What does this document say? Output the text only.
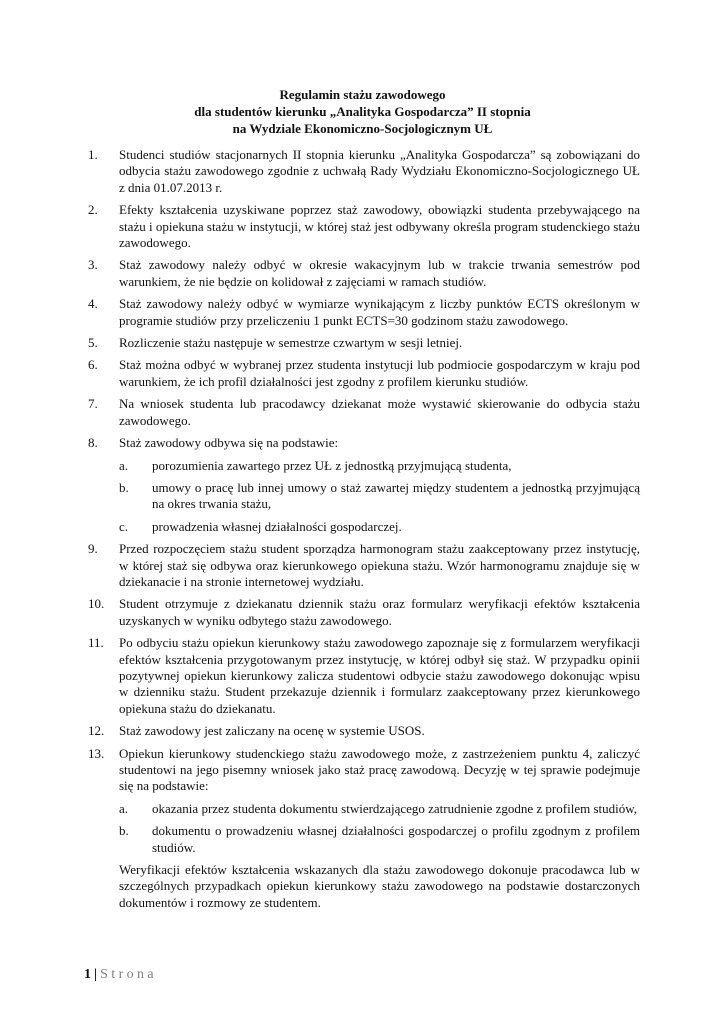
Regulamin stażu zawodowego
dla studentów kierunku „Analityka Gospodarcza” II stopnia
na Wydziale Ekonomiczno-Socjologicznym UŁ
1. Studenci studiów stacjonarnych II stopnia kierunku „Analityka Gospodarcza” są zobowiązani do odbycia stażu zawodowego zgodnie z uchwałą Rady Wydziału Ekonomiczno-Socjologicznego UŁ z dnia 01.07.2013 r.
2. Efekty kształcenia uzyskiwane poprzez staż zawodowy, obowiązki studenta przebywającego na stażu i opiekuna stażu w instytucji, w której staż jest odbywany określa program studenckiego stażu zawodowego.
3. Staż zawodowy należy odbyć w okresie wakacyjnym lub w trakcie trwania semestrów pod warunkiem, że nie będzie on kolidował z zajęciami w ramach studiów.
4. Staż zawodowy należy odbyć w wymiarze wynikającym z liczby punktów ECTS określonym w programie studiów przy przeliczeniu 1 punkt ECTS=30 godzinom stażu zawodowego.
5. Rozliczenie stażu następuje w semestrze czwartym w sesji letniej.
6. Staż można odbyć w wybranej przez studenta instytucji lub podmiocie gospodarczym w kraju pod warunkiem, że ich profil działalności jest zgodny z profilem kierunku studiów.
7. Na wniosek studenta lub pracodawcy dziekanat może wystawić skierowanie do odbycia stażu zawodowego.
8. Staż zawodowy odbywa się na podstawie:
a. porozumienia zawartego przez UŁ z jednostką przyjmującą studenta,
b. umowy o pracę lub innej umowy o staż zawartej między studentem a jednostką przyjmującą na okres trwania stażu,
c. prowadzenia własnej działalności gospodarczej.
9. Przed rozpoczęciem stażu student sporządza harmonogram stażu zaakceptowany przez instytucję, w której staż się odbywa oraz kierunkowego opiekuna stażu. Wzór harmonogramu znajduje się w dziekanacie i na stronie internetowej wydziału.
10. Student otrzymuje z dziekanatu dziennik stażu oraz formularz weryfikacji efektów kształcenia uzyskanych w wyniku odbytego stażu zawodowego.
11. Po odbyciu stażu opiekun kierunkowy stażu zawodowego zapoznaje się z formularzem weryfikacji efektów kształcenia przygotowanym przez instytucję, w której odbył się staż. W przypadku opinii pozytywnej opiekun kierunkowy zalicza studentowi odbycie stażu zawodowego dokonując wpisu w dzienniku stażu. Student przekazuje dziennik i formularz zaakceptowany przez kierunkowego opiekuna stażu do dziekanatu.
12. Staż zawodowy jest zaliczany na ocenę w systemie USOS.
13. Opiekun kierunkowy studenckiego stażu zawodowego może, z zastrzeżeniem punktu 4, zaliczyć studentowi na jego pisemny wniosek jako staż pracę zawodową. Decyzję w tej sprawie podejmuje się na podstawie:
a. okazania przez studenta dokumentu stwierdzającego zatrudnienie zgodne z profilem studiów,
b. dokumentu o prowadzeniu własnej działalności gospodarczej o profilu zgodnym z profilem studiów.
Weryfikacji efektów kształcenia wskazanych dla stażu zawodowego dokonuje pracodawca lub w szczególnych przypadkach opiekun kierunkowy stażu zawodowego na podstawie dostarczonych dokumentów i rozmowy ze studentem.
1 | Strona
